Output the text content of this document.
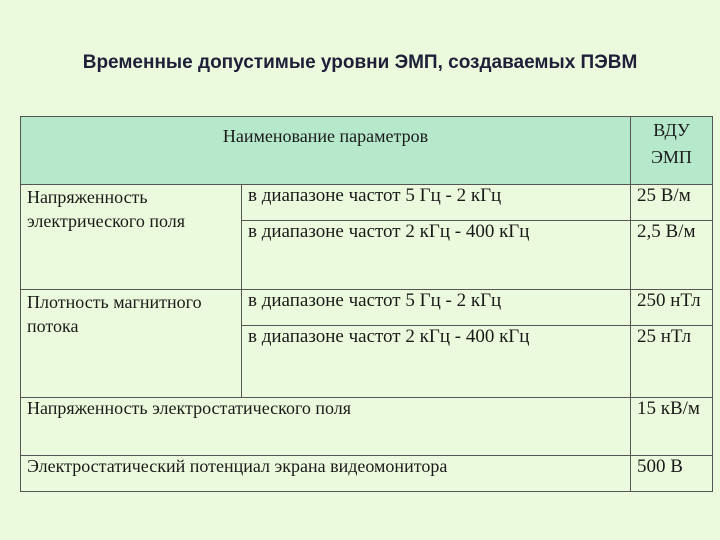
Временные допустимые уровни ЭМП, создаваемых ПЭВМ
Наименование параметров		ВДУ
ЭМП

Напряженность электрического поля	в диапазоне частот 5 Гц - 2 кГц	25 В/м
	в диапазоне частот 2 кГц - 400 кГц	2,5 В/м
Плотность магнитного потока	в диапазоне частот 5 Гц - 2 кГц	250 нТл
	в диапазоне частот 2 кГц - 400 кГц	25 нТл
Напряженность электростатического поля		15 кВ/м
Электростатический потенциал экрана видеомонитора		500 В
